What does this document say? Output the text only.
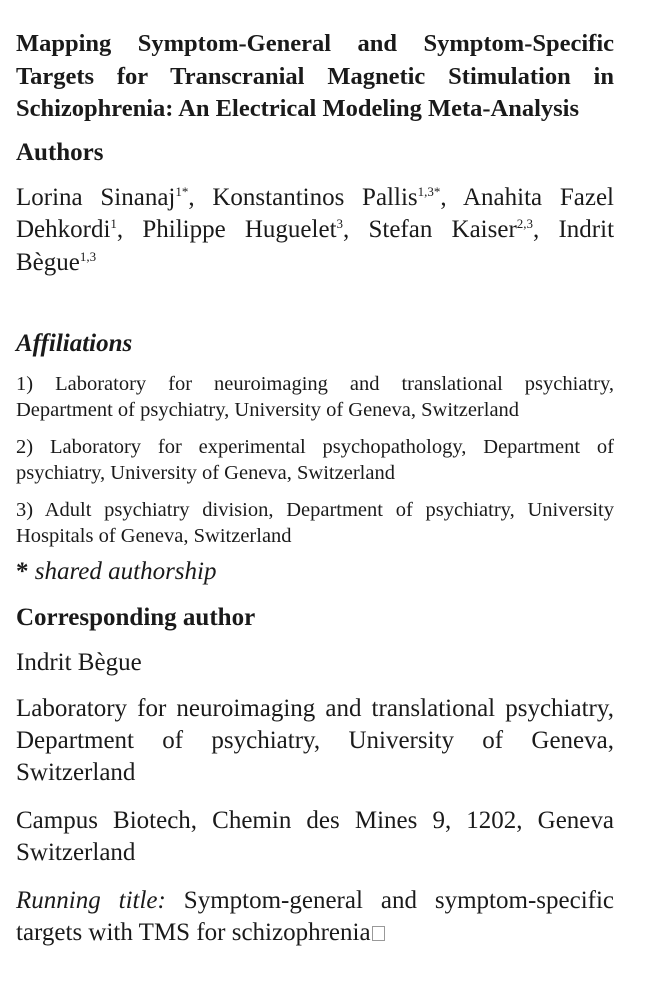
Mapping Symptom-General and Symptom-Specific Targets for Transcranial Magnetic Stimulation in Schizophrenia: An Electrical Modeling Meta-Analysis
Authors

Lorina Sinanaj$^{1*}$, Konstantinos Pallis$^{1,3*}$, Anahita Fazel Dehkordi$^1$, Philippe Huguelet$^3$, Stefan Kaiser$^{2,3}$, Indrit Bègue$^{1,3}$

Affiliations

1) Laboratory for neuroimaging and translational psychiatry, Department of psychiatry, University of Geneva, Switzerland

2) Laboratory for experimental psychopathology, Department of psychiatry, University of Geneva, Switzerland

3) Adult psychiatry division, Department of psychiatry, University Hospitals of Geneva, Switzerland

* shared authorship

Corresponding author

Indrit Bègue

Laboratory for neuroimaging and translational psychiatry, Department of psychiatry, University of Geneva, Switzerland

Campus Biotech, Chemin des Mines 9, 1202, Geneva Switzerland

Running title: Symptom-general and symptom-specific targets with TMS for schizophrenia
